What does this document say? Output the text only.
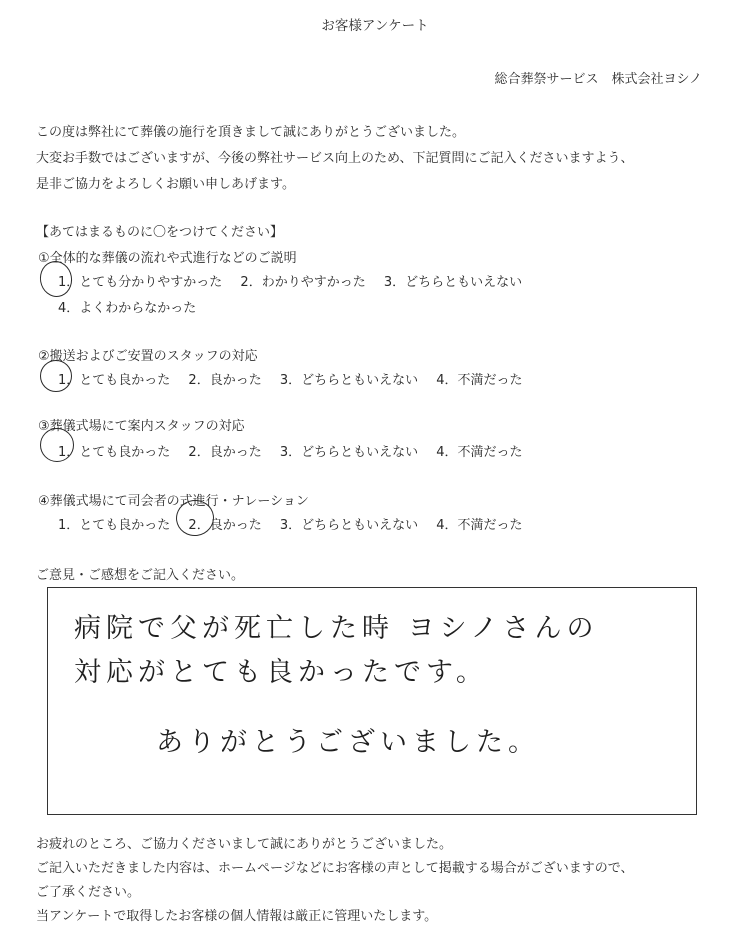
お客様アンケート
総合葬祭サービス　株式会社ヨシノ
この度は弊社にて葬儀の施行を頂きまして誠にありがとうございました。
大変お手数ではございますが、今後の弊社サービス向上のため、下記質問にご記入くださいますよう、
是非ご協力をよろしくお願い申しあげます。
【あてはまるものに〇をつけてください】
①全体的な葬儀の流れや式進行などのご説明
1．とても分かりやすかった 2．わかりやすかった 3．どちらともいえない
4．よくわからなかった
②搬送およびご安置のスタッフの対応
1．とても良かった 2．良かった 3．どちらともいえない 4．不満だった
③葬儀式場にて案内スタッフの対応
1．とても良かった 2．良かった 3．どちらともいえない 4．不満だった
④葬儀式場にて司会者の式進行・ナレーション
1．とても良かった 2．良かった 3．どちらともいえない 4．不満だった
ご意見・ご感想をご記入ください。
病院で父が死亡した時 ヨシノさんの
対応がとても良かったです。
ありがとうございました。
お疲れのところ、ご協力くださいまして誠にありがとうございました。
ご記入いただきました内容は、ホームページなどにお客様の声として掲載する場合がございますので、
ご了承ください。
当アンケートで取得したお客様の個人情報は厳正に管理いたします。
